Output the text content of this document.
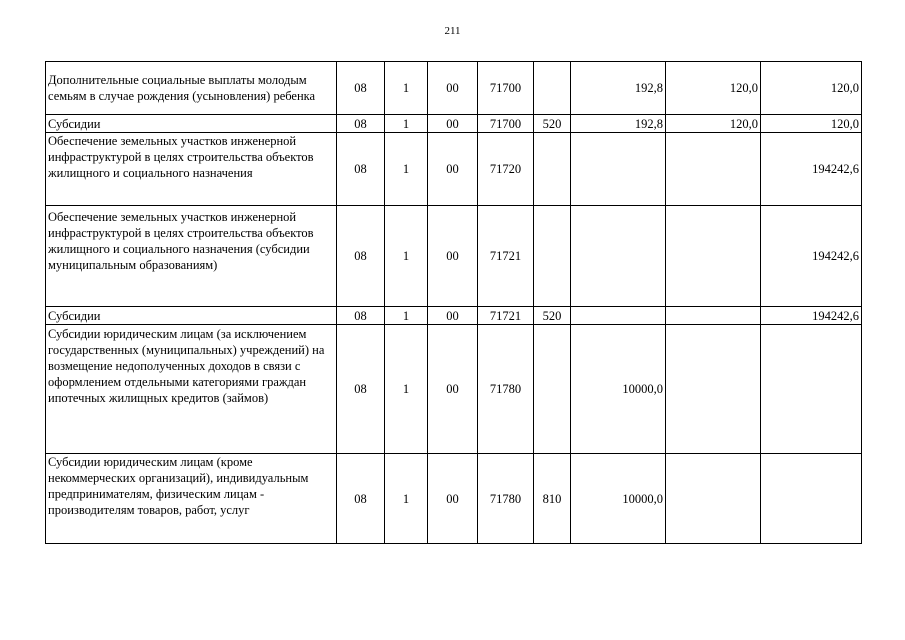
211
Дополнительные социальные выплаты молодым семьям в случае рождения (усыновления) ребенка	08	1	00	71700		192,8	120,0	120,0
Субсидии	08	1	00	71700	520	192,8	120,0	120,0
Обеспечение земельных участков инженерной инфраструктурой в целях строительства объектов жилищного и социального назначения	08	1	00	71720				194242,6
Обеспечение земельных участков инженерной инфраструктурой в целях строительства объектов жилищного и социального назначения (субсидии муниципальным образованиям)	08	1	00	71721				194242,6
Субсидии	08	1	00	71721	520			194242,6
Субсидии юридическим лицам (за исключением государственных (муниципальных) учреждений) на возмещение недополученных доходов в связи с оформлением отдельными категориями граждан ипотечных жилищных кредитов (займов)	08	1	00	71780		10000,0		
Субсидии юридическим лицам (кроме некоммерческих организаций), индивидуальным предпринимателям, физическим лицам - производителям товаров, работ, услуг	08	1	00	71780	810	10000,0		
